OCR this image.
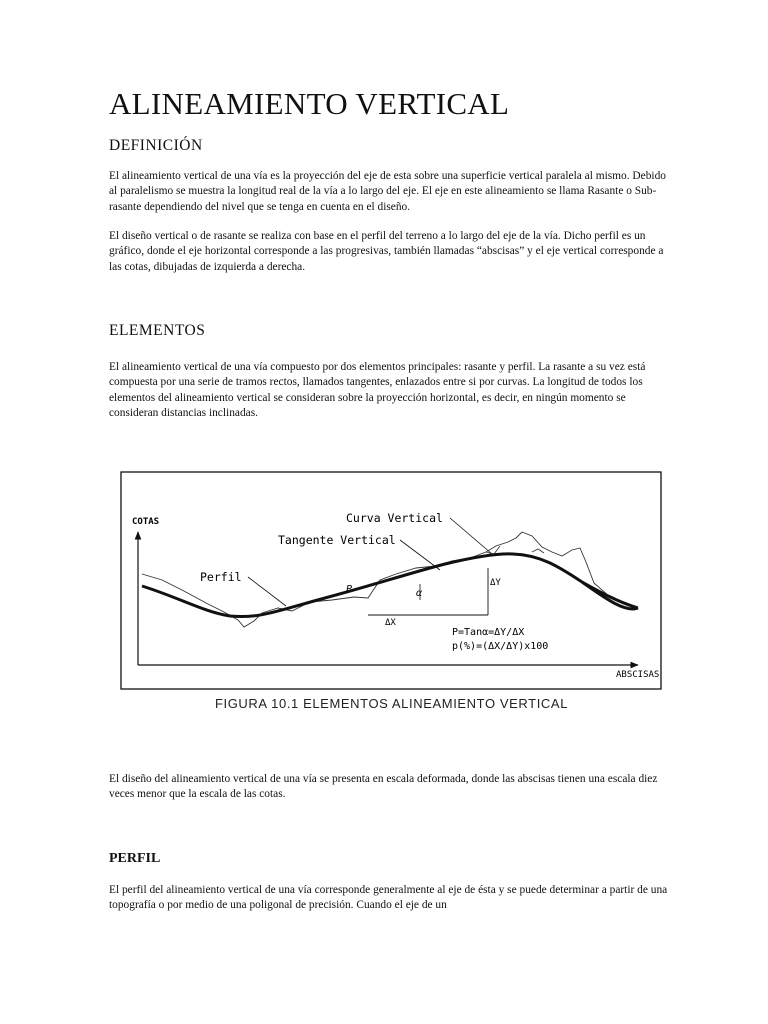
ALINEAMIENTO VERTICAL
DEFINICIÓN

El alineamiento vertical de una vía es la proyección del eje de esta sobre una superficie vertical paralela al mismo. Debido al paralelismo se muestra la longitud real de la vía a lo largo del eje. El eje en este alineamiento se llama Rasante o Sub-rasante dependiendo del nivel que se tenga en cuenta en el diseño.

El diseño vertical o de rasante se realiza con base en el perfil del terreno a lo largo del eje de la vía. Dicho perfil es un gráfico, donde el eje horizontal corresponde a las progresivas, también llamadas “abscisas” y el eje vertical corresponde a las cotas, dibujadas de izquierda a derecha.

ELEMENTOS

El alineamiento vertical de una vía compuesto por dos elementos principales: rasante y perfil. La rasante a su vez está compuesta por una serie de tramos rectos, llamados tangentes, enlazados entre si por curvas. La longitud de todos los elementos del alineamiento vertical se consideran sobre la proyección horizontal, es decir, en ningún momento se consideran distancias inclinadas.

COTAS
ABSCISAS
ΔX
ΔY
α
P
Curva Vertical
Tangente Vertical
Perfil
P=Tanα=ΔY/ΔX
p(%)=(ΔX/ΔY)x100
FIGURA 10.1 ELEMENTOS ALINEAMIENTO VERTICAL

El diseño del alineamiento vertical de una vía se presenta en escala deformada, donde las abscisas tienen una escala diez veces menor que la escala de las cotas.

PERFIL

El perfil del alineamiento vertical de una vía corresponde generalmente al eje de ésta y se puede determinar a partir de una topografía o por medio de una poligonal de precisión. Cuando el eje de un
